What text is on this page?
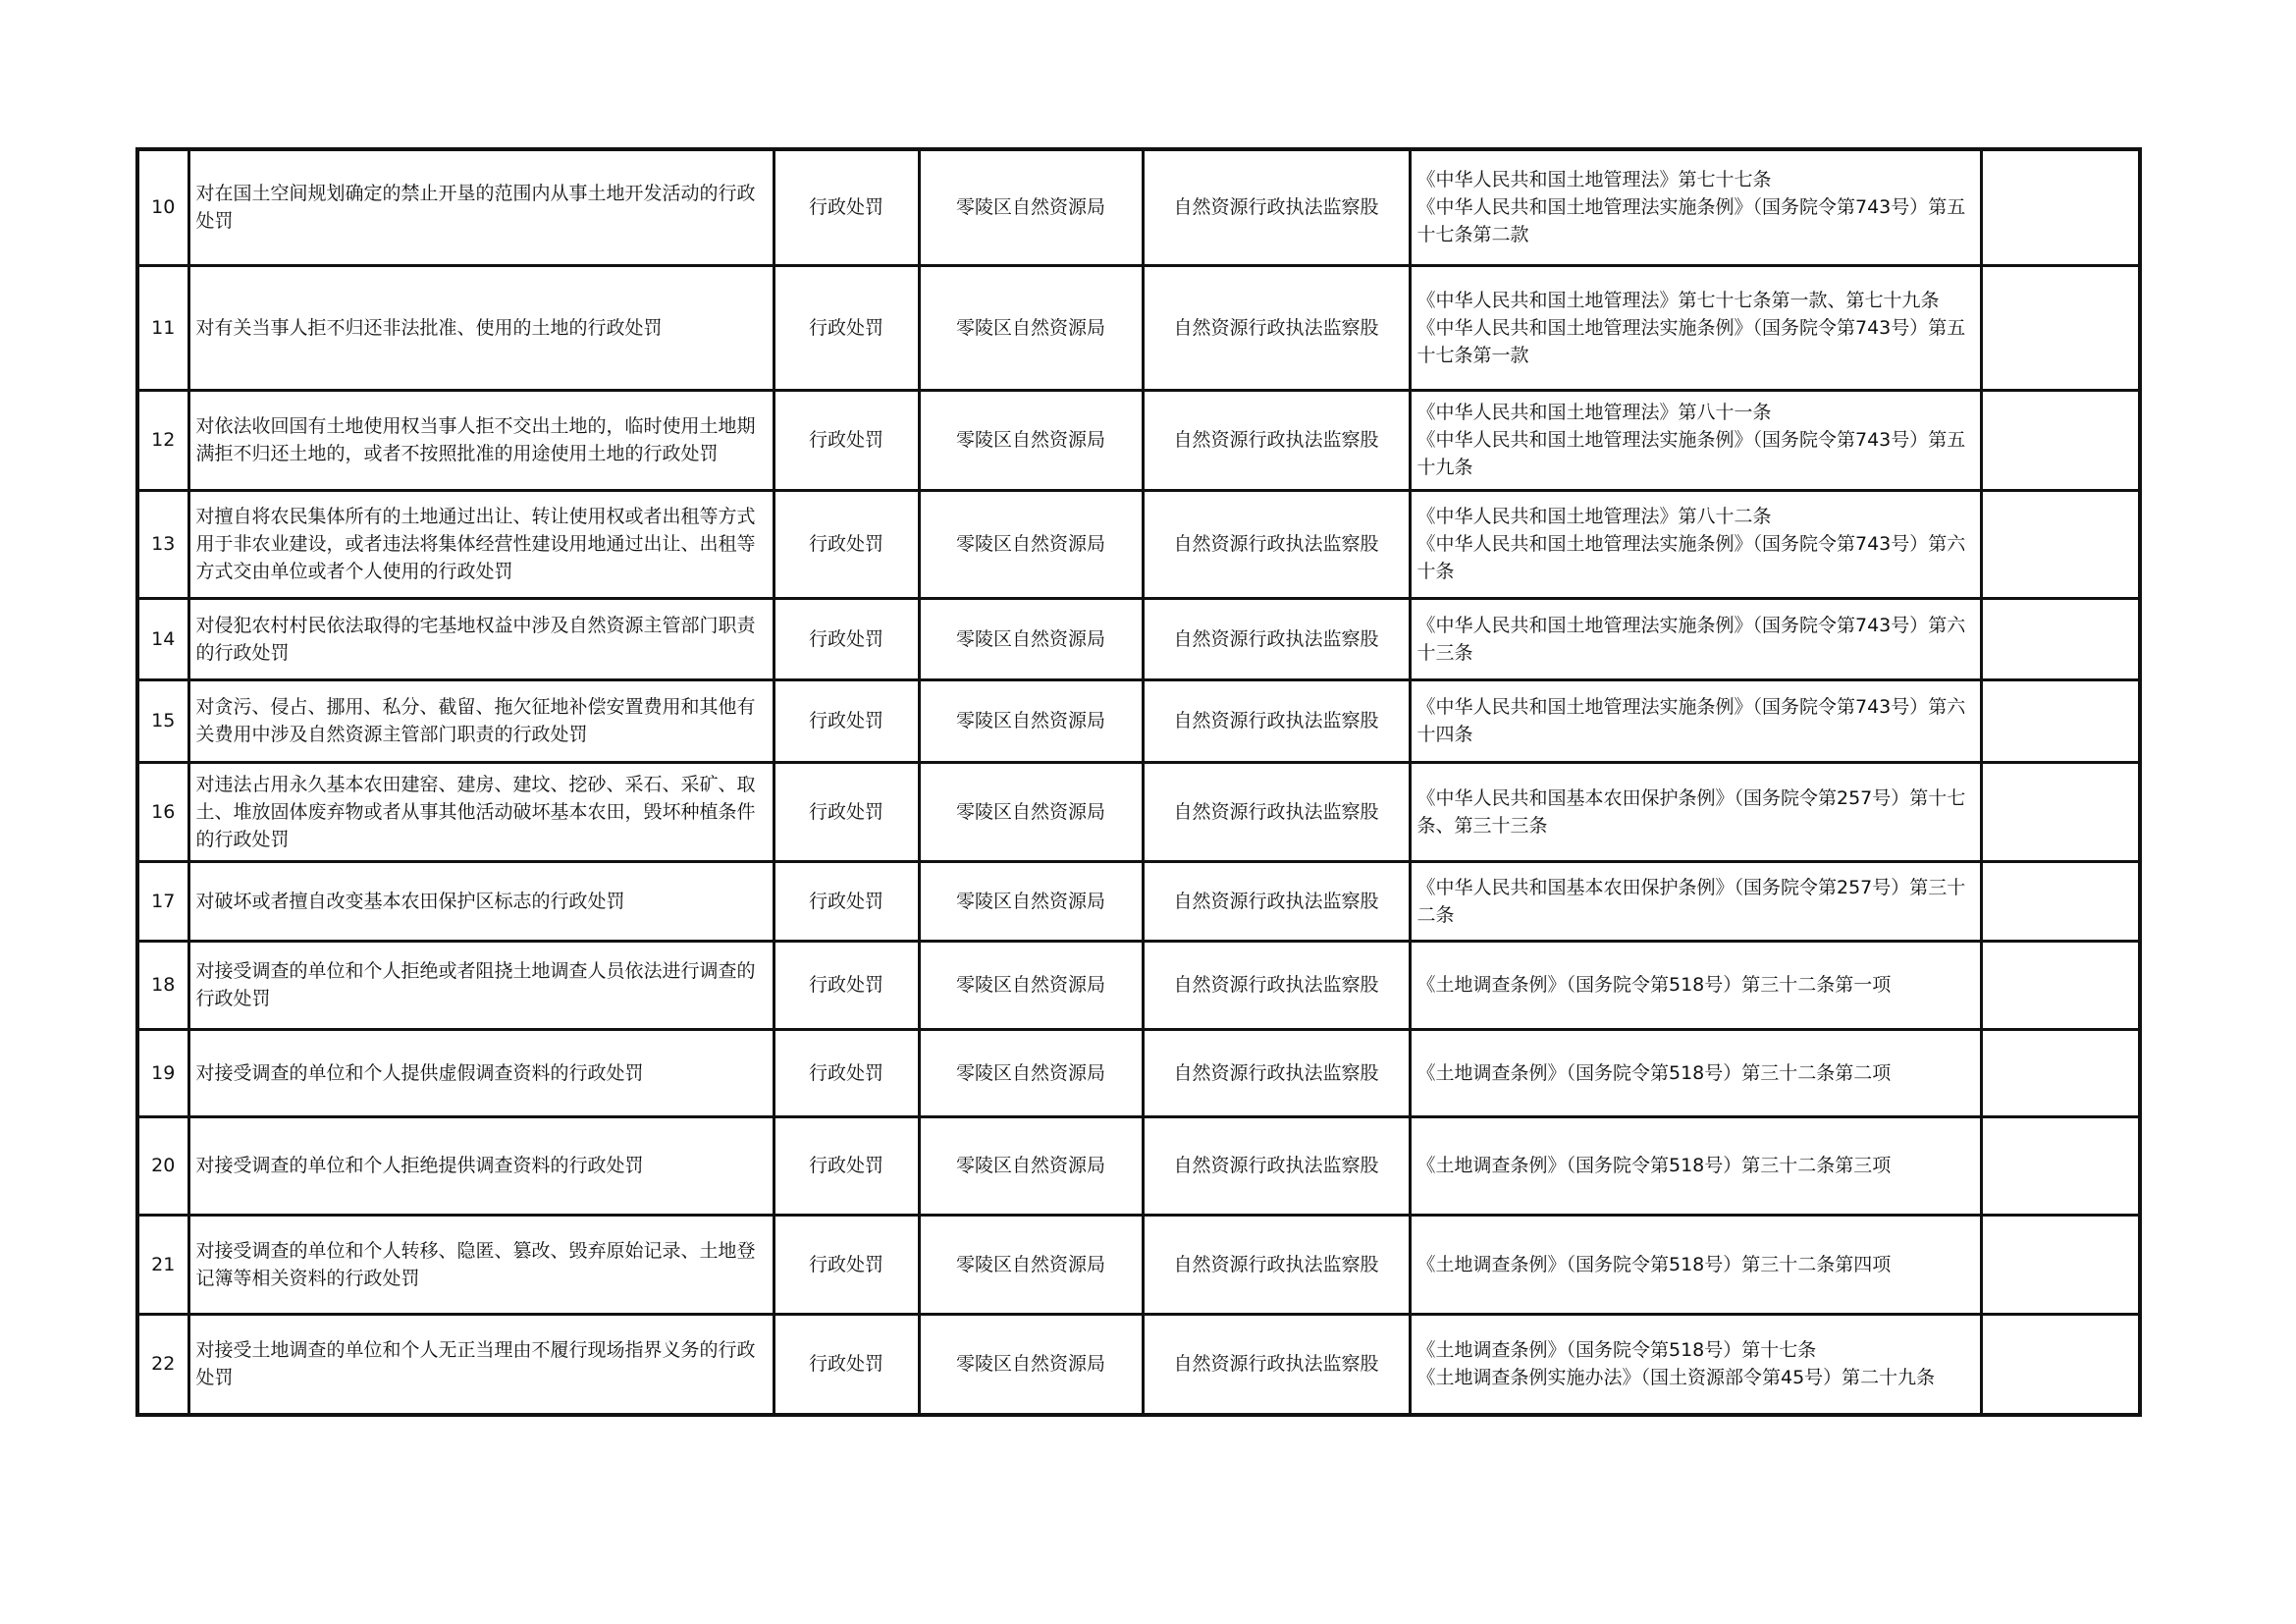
10	对在国土空间规划确定的禁止开垦的范围内从事土地开发活动的行政处罚	行政处罚	零陵区自然资源局	自然资源行政执法监察股	《中华人民共和国土地管理法》第七十七条
《中华人民共和国土地管理法实施条例》（国务院令第743号）第五十七条第二款	

11	对有关当事人拒不归还非法批准、使用的土地的行政处罚	行政处罚	零陵区自然资源局	自然资源行政执法监察股	《中华人民共和国土地管理法》第七十七条第一款、第七十九条
《中华人民共和国土地管理法实施条例》（国务院令第743号）第五十七条第一款	

12	对依法收回国有土地使用权当事人拒不交出土地的，临时使用土地期满拒不归还土地的，或者不按照批准的用途使用土地的行政处罚	行政处罚	零陵区自然资源局	自然资源行政执法监察股	《中华人民共和国土地管理法》第八十一条
《中华人民共和国土地管理法实施条例》（国务院令第743号）第五十九条	

13	对擅自将农民集体所有的土地通过出让、转让使用权或者出租等方式用于非农业建设，或者违法将集体经营性建设用地通过出让、出租等方式交由单位或者个人使用的行政处罚	行政处罚	零陵区自然资源局	自然资源行政执法监察股	《中华人民共和国土地管理法》第八十二条
《中华人民共和国土地管理法实施条例》（国务院令第743号）第六十条	

14	对侵犯农村村民依法取得的宅基地权益中涉及自然资源主管部门职责的行政处罚	行政处罚	零陵区自然资源局	自然资源行政执法监察股	《中华人民共和国土地管理法实施条例》（国务院令第743号）第六十三条	

15	对贪污、侵占、挪用、私分、截留、拖欠征地补偿安置费用和其他有关费用中涉及自然资源主管部门职责的行政处罚	行政处罚	零陵区自然资源局	自然资源行政执法监察股	《中华人民共和国土地管理法实施条例》（国务院令第743号）第六十四条	

16	对违法占用永久基本农田建窑、建房、建坟、挖砂、采石、采矿、取土、堆放固体废弃物或者从事其他活动破坏基本农田，毁坏种植条件的行政处罚	行政处罚	零陵区自然资源局	自然资源行政执法监察股	《中华人民共和国基本农田保护条例》（国务院令第257号）第十七条、第三十三条	

17	对破坏或者擅自改变基本农田保护区标志的行政处罚	行政处罚	零陵区自然资源局	自然资源行政执法监察股	《中华人民共和国基本农田保护条例》（国务院令第257号）第三十二条	

18	对接受调查的单位和个人拒绝或者阻挠土地调查人员依法进行调查的行政处罚	行政处罚	零陵区自然资源局	自然资源行政执法监察股	《土地调查条例》（国务院令第518号）第三十二条第一项	

19	对接受调查的单位和个人提供虚假调查资料的行政处罚	行政处罚	零陵区自然资源局	自然资源行政执法监察股	《土地调查条例》（国务院令第518号）第三十二条第二项	

20	对接受调查的单位和个人拒绝提供调查资料的行政处罚	行政处罚	零陵区自然资源局	自然资源行政执法监察股	《土地调查条例》（国务院令第518号）第三十二条第三项	

21	对接受调查的单位和个人转移、隐匿、篡改、毁弃原始记录、土地登记簿等相关资料的行政处罚	行政处罚	零陵区自然资源局	自然资源行政执法监察股	《土地调查条例》（国务院令第518号）第三十二条第四项	

22	对接受土地调查的单位和个人无正当理由不履行现场指界义务的行政处罚	行政处罚	零陵区自然资源局	自然资源行政执法监察股	《土地调查条例》（国务院令第518号）第十七条
《土地调查条例实施办法》（国土资源部令第45号）第二十九条	
